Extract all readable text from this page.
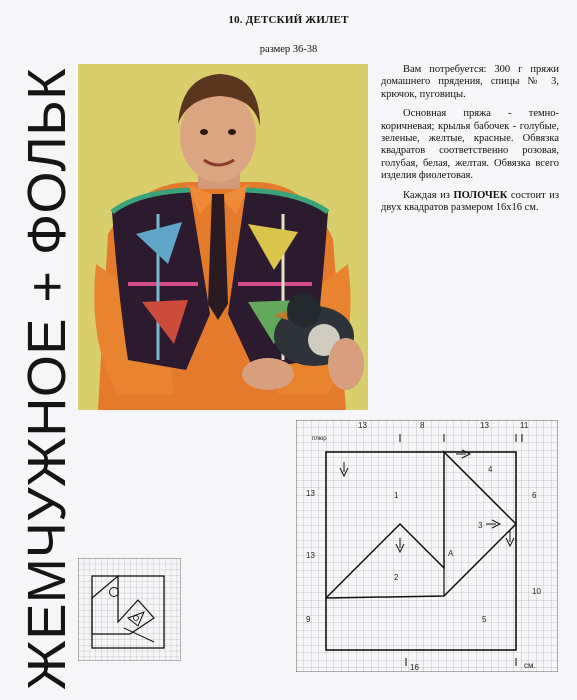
10. ДЕТСКИЙ ЖИЛЕТ
размер 36-38
ЖЕМЧУЖНОЕ + ФОЛЬК	Вам потребуется: 300 г пряжи домашнего прядения, спицы № 3, крючок, пуговицы.

Основная пряжа - темно-коричневая; крылья бабочек - голубые, зеленые, желтые, красные. Обвязка квадратов соответственно розовая, голубая, белая, желтая. Обвязка всего изделия фиолетовая.

Каждая из ПОЛОЧЕК состоит из двух квадратов размером 16х16 см.

13	8	13	11
плюр
13
13
9
6
10
16	см.
1
2
3
4
5
А
